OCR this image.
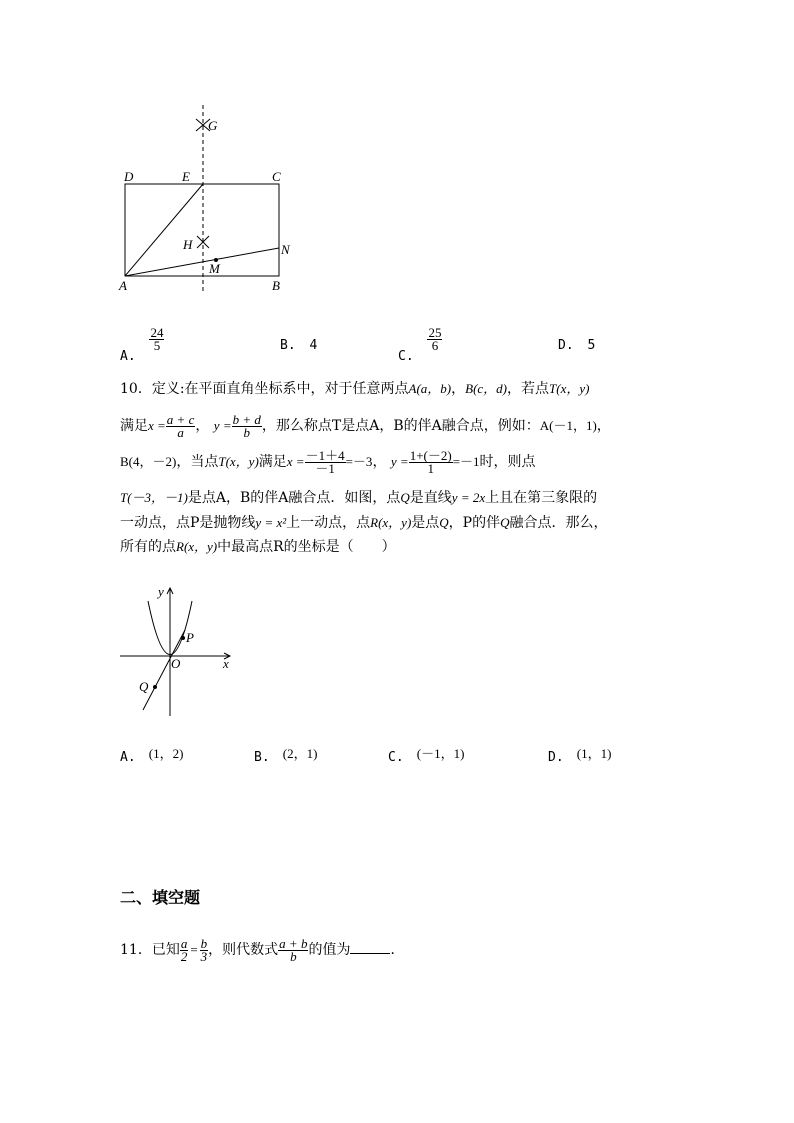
G
D	E	C
H	N
M
A	B
A.
$\frac{24}{5}$	B. 4
C.
$\frac{25}{6}$	D. 5
10．定义:在平面直角坐标系中，对于任意两点A(a，b)，B(c，d)，若点T(x，y)
满足$x = \frac{a + c}{a}$ ， $y = \frac{b + d}{b}$ ，那么称点T是点A，B的伴A融合点，例如：A(－1，1)，
B(4，－2)，当点T(x，y)满足$x = \frac{-1+4}{-1} =-3$， $y = \frac{1+(-2)}{1} =-1$时，则点
T(－3，－1)是点A，B的伴A融合点．如图，点Q是直线y = 2x上且在第三象限的
一动点，点P是抛物线y = x²上一动点，点R(x，y)是点Q，P的伴Q融合点．那么，
所有的点R(x，y)中最高点R的坐标是（　　）
y
x
O
P
Q
A. (1，2)	B. (2，1)	C. (－1，1)	D. (1，1)
二、填空题
11．已知 $\frac{a}{2} = \frac{b}{3}$ ，则代数式 $\frac{a + b}{b}$ 的值为	．
